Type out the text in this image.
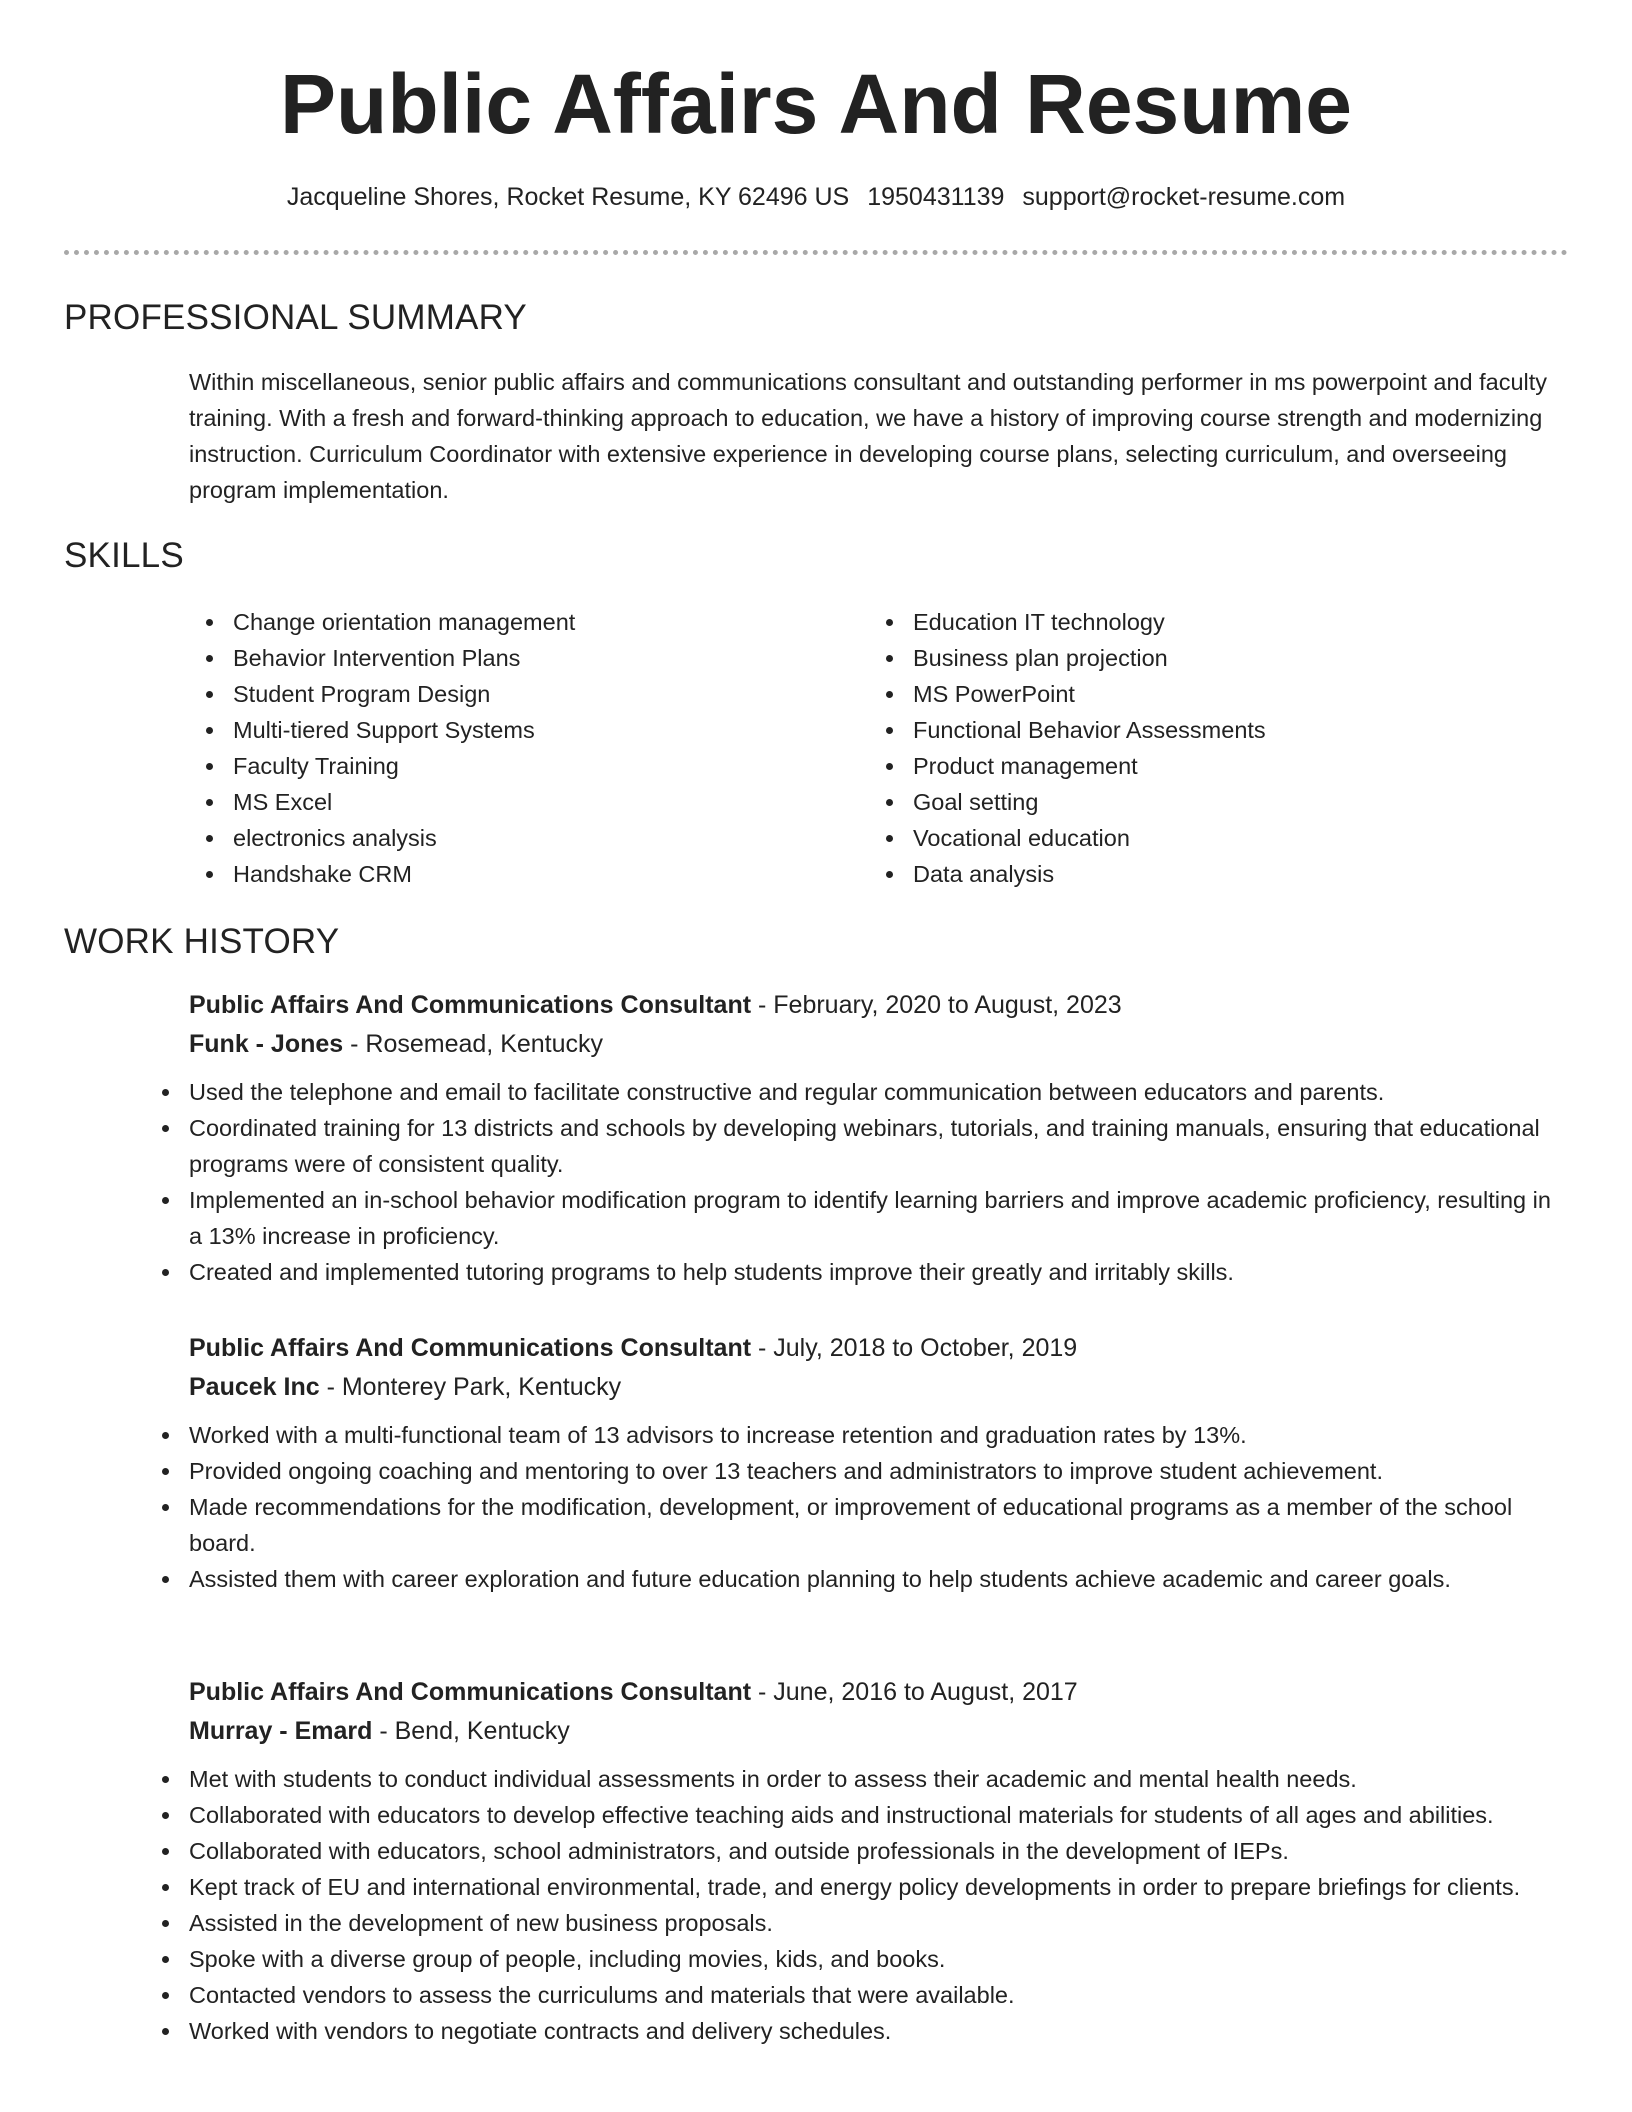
Public Affairs And Resume
Jacqueline Shores, Rocket Resume, KY 62496 US 1950431139 support@rocket-resume.com
PROFESSIONAL SUMMARY

Within miscellaneous, senior public affairs and communications consultant and outstanding performer in ms powerpoint and faculty training. With a fresh and forward-thinking approach to education, we have a history of improving course strength and modernizing instruction. Curriculum Coordinator with extensive experience in developing course plans, selecting curriculum, and overseeing program implementation.

SKILLS
Change orientation management
Behavior Intervention Plans
Student Program Design
Multi-tiered Support Systems
Faculty Training
MS Excel
electronics analysis
Handshake CRM
Education IT technology
Business plan projection
MS PowerPoint
Functional Behavior Assessments
Product management
Goal setting
Vocational education
Data analysis
WORK HISTORY
Public Affairs And Communications Consultant - February, 2020 to August, 2023
Funk - Jones - Rosemead, Kentucky
Used the telephone and email to facilitate constructive and regular communication between educators and parents.
Coordinated training for 13 districts and schools by developing webinars, tutorials, and training manuals, ensuring that educational programs were of consistent quality.
Implemented an in-school behavior modification program to identify learning barriers and improve academic proficiency, resulting in a 13% increase in proficiency.
Created and implemented tutoring programs to help students improve their greatly and irritably skills.
Public Affairs And Communications Consultant - July, 2018 to October, 2019
Paucek Inc - Monterey Park, Kentucky
Worked with a multi-functional team of 13 advisors to increase retention and graduation rates by 13%.
Provided ongoing coaching and mentoring to over 13 teachers and administrators to improve student achievement.
Made recommendations for the modification, development, or improvement of educational programs as a member of the school board.
Assisted them with career exploration and future education planning to help students achieve academic and career goals.
Public Affairs And Communications Consultant - June, 2016 to August, 2017
Murray - Emard - Bend, Kentucky
Met with students to conduct individual assessments in order to assess their academic and mental health needs.
Collaborated with educators to develop effective teaching aids and instructional materials for students of all ages and abilities.
Collaborated with educators, school administrators, and outside professionals in the development of IEPs.
Kept track of EU and international environmental, trade, and energy policy developments in order to prepare briefings for clients.
Assisted in the development of new business proposals.
Spoke with a diverse group of people, including movies, kids, and books.
Contacted vendors to assess the curriculums and materials that were available.
Worked with vendors to negotiate contracts and delivery schedules.
